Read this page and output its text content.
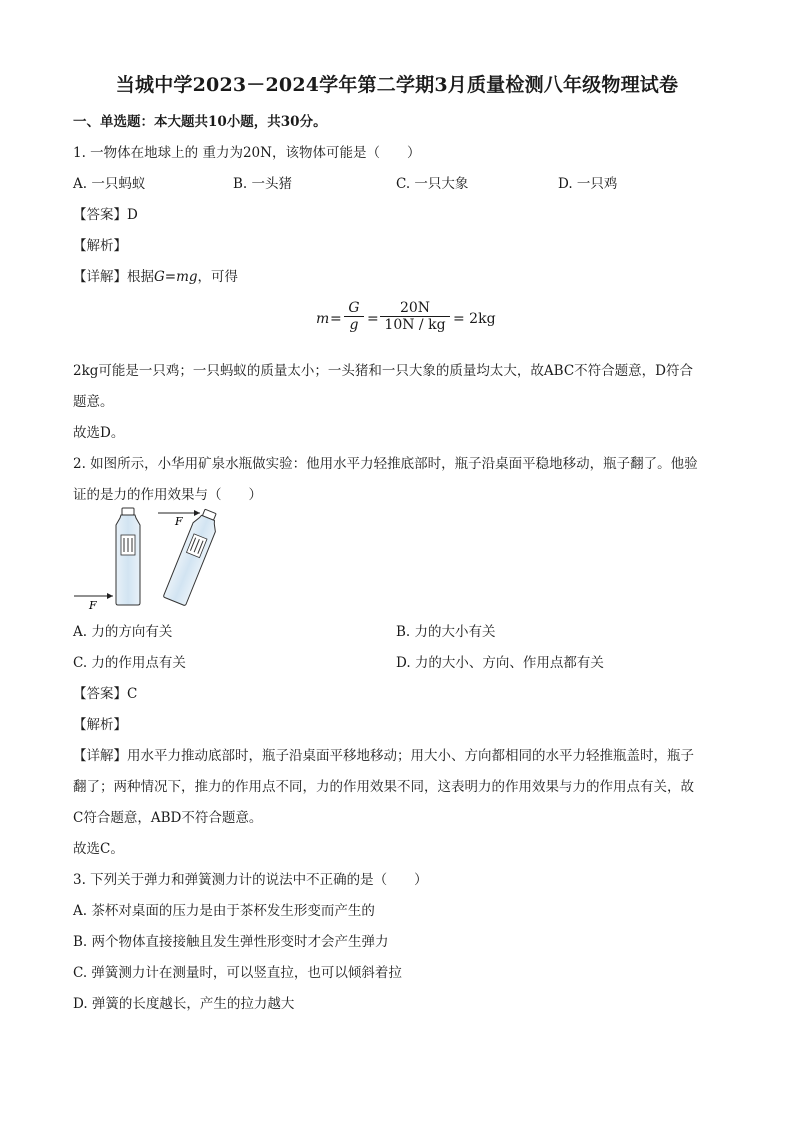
当城中学2023－2024学年第二学期3月质量检测八年级物理试卷
一、单选题：本大题共10小题，共30分。
1. 一物体在地球上的 重力为20N，该物体可能是（　　）
A. 一只蚂蚁	B. 一头猪	C. 一只大象	D. 一只鸡
【答案】D
【解析】
【详解】根据G=mg，可得
$m = \frac{G}{g} = \frac{20N}{10N / kg} = 2kg$
2kg可能是一只鸡；一只蚂蚁的质量太小；一头猪和一只大象的质量均太大，故ABC不符合题意，D符合
题意。
故选D。
2. 如图所示，小华用矿泉水瓶做实验：他用水平力轻推底部时，瓶子沿桌面平稳地移动，瓶子翻了。他验
证的是力的作用效果与（　　）
F
F
A. 力的方向有关	B. 力的大小有关
C. 力的作用点有关	D. 力的大小、方向、作用点都有关
【答案】C
【解析】
【详解】用水平力推动底部时，瓶子沿桌面平移地移动；用大小、方向都相同的水平力轻推瓶盖时，瓶子
翻了；两种情况下，推力的作用点不同，力的作用效果不同，这表明力的作用效果与力的作用点有关，故
C符合题意，ABD不符合题意。
故选C。
3. 下列关于弹力和弹簧测力计的说法中不正确的是（　　）
A. 茶杯对桌面的压力是由于茶杯发生形变而产生的
B. 两个物体直接接触且发生弹性形变时才会产生弹力
C. 弹簧测力计在测量时，可以竖直拉，也可以倾斜着拉
D. 弹簧的长度越长，产生的拉力越大
